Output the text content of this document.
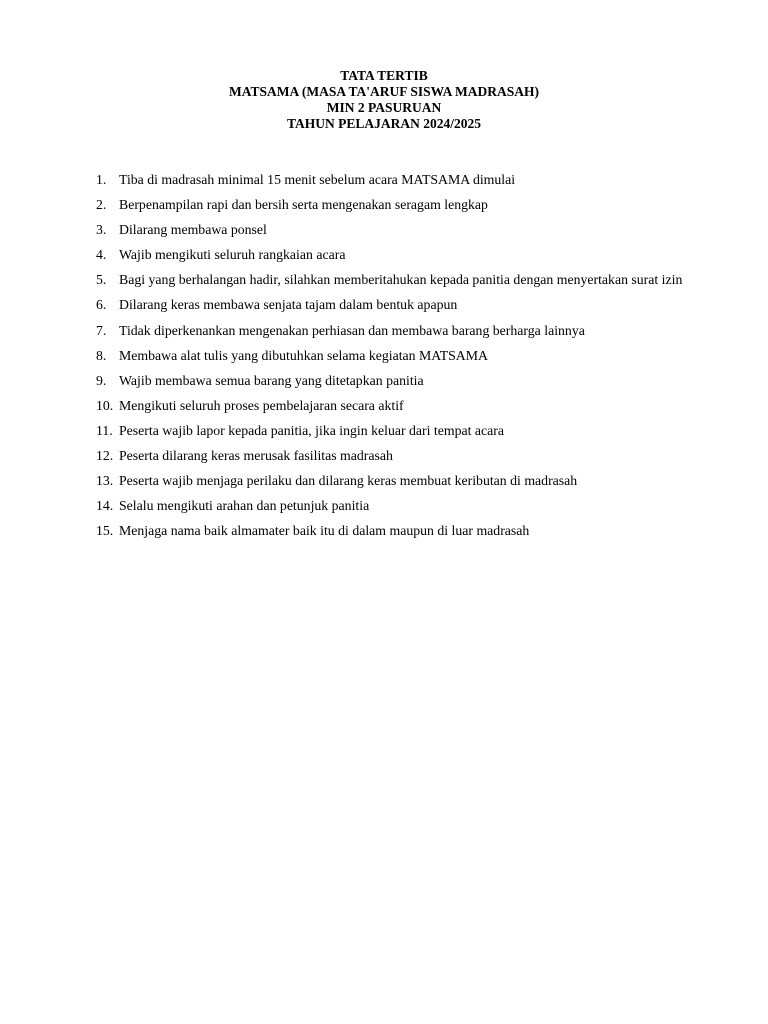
TATA TERTIB
MATSAMA (MASA TA'ARUF SISWA MADRASAH)
MIN 2 PASURUAN
TAHUN PELAJARAN 2024/2025
1. Tiba di madrasah minimal 15 menit sebelum acara MATSAMA dimulai
2. Berpenampilan rapi dan bersih serta mengenakan seragam lengkap
3. Dilarang membawa ponsel
4. Wajib mengikuti seluruh rangkaian acara
5. Bagi yang berhalangan hadir, silahkan memberitahukan kepada panitia dengan menyertakan surat izin
6. Dilarang keras membawa senjata tajam dalam bentuk apapun
7. Tidak diperkenankan mengenakan perhiasan dan membawa barang berharga lainnya
8. Membawa alat tulis yang dibutuhkan selama kegiatan MATSAMA
9. Wajib membawa semua barang yang ditetapkan panitia
10. Mengikuti seluruh proses pembelajaran secara aktif
11. Peserta wajib lapor kepada panitia, jika ingin keluar dari tempat acara
12. Peserta dilarang keras merusak fasilitas madrasah
13. Peserta wajib menjaga perilaku dan dilarang keras membuat keributan di madrasah
14. Selalu mengikuti arahan dan petunjuk panitia
15. Menjaga nama baik almamater baik itu di dalam maupun di luar madrasah
